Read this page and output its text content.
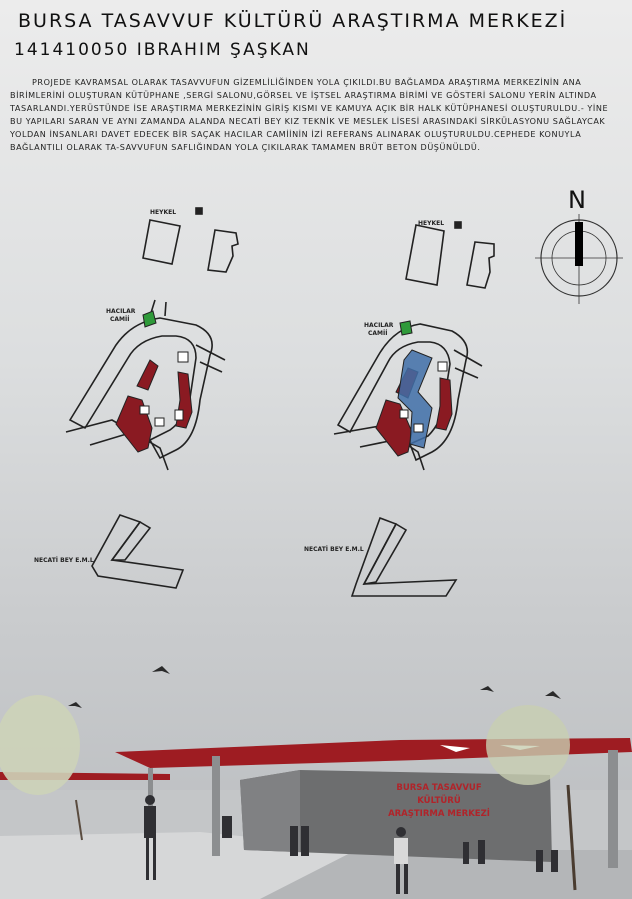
BURSA TASAVVUF KÜLTÜRÜ ARAŞTIRMA MERKEZİ
141410050 IBRAHIM ŞAŞKAN
PROJEDE KAVRAMSAL OLARAK TASAVVUFUN GİZEMLİLİĞİNDEN YOLA ÇIKILDI.BU BAĞLAMDA ARAŞTIRMA MERKEZİNİN ANA BİRİMLERİNİ OLUŞTURAN KÜTÜPHANE ,SERGİ SALONU,GÖRSEL VE İŞTSEL ARAŞTIRMA BİRİMİ VE GÖSTERİ SALONU YERİN ALTINDA TASARLANDI.YERÜSTÜNDE İSE ARAŞTIRMA MERKEZİNİN GİRİŞ KISMI VE KAMUYA AÇIK BİR HALK KÜTÜPHANESİ OLUŞTURULDU.- YİNE BU YAPILARI SARAN VE AYNI ZAMANDA ALANDA NECATİ BEY KIZ TEKNİK VE MESLEK LİSESİ ARASINDAKİ SİRKÜLASYONU SAĞLAYCAK YOLDAN İNSANLARI DAVET EDECEK BİR SAÇAK HACILAR CAMİİNİN İZİ REFERANS ALINARAK OLUŞTURULDU.CEPHEDE KONUYLA BAĞLANTILI OLARAK TA-SAVVUFUN SAFLIĞINDAN YOLA ÇIKILARAK TAMAMEN BRÜT BETON DÜŞÜNÜLDÜ.
N
HEYKEL
HEYKEL
HACILAR
CAMİİ
HACILAR
CAMİİ
NECATİ BEY E.M.L
NECATİ BEY E.M.L
BURSA TASAVVUF KÜLTÜRÜ
ARAŞTIRMA MERKEZİ
